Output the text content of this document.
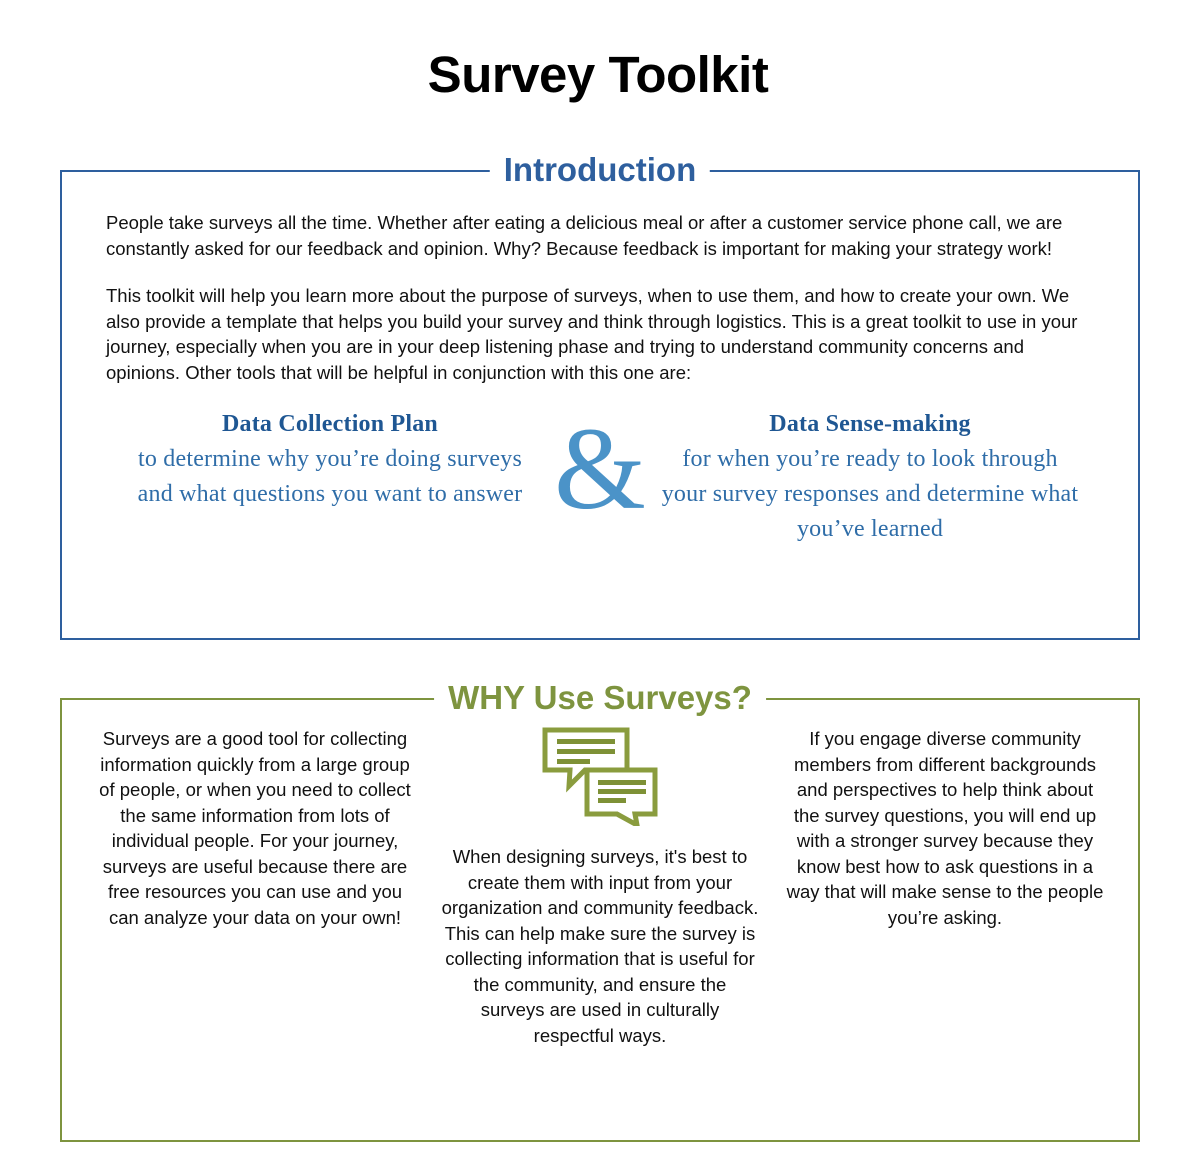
Survey Toolkit
Introduction

People take surveys all the time. Whether after eating a delicious meal or after a customer service phone call, we are constantly asked for our feedback and opinion. Why? Because feedback is important for making your strategy work!

This toolkit will help you learn more about the purpose of surveys, when to use them, and how to create your own. We also provide a template that helps you build your survey and think through logistics. This is a great toolkit to use in your journey, especially when you are in your deep listening phase and trying to understand community concerns and opinions. Other tools that will be helpful in conjunction with this one are:

Data Collection Plan
to determine why you’re doing surveys and what questions you want to answer &	Data Sense-making
for when you’re ready to look through your survey responses and determine what you’ve learned
WHY Use Surveys?

Surveys are a good tool for collecting information quickly from a large group of people, or when you need to collect the same information from lots of individual people. For your journey, surveys are useful because there are free resources you can use and you can analyze your data on your own!

When designing surveys, it's best to create them with input from your organization and community feedback. This can help make sure the survey is collecting information that is useful for the community, and ensure the surveys are used in culturally respectful ways.

If you engage diverse community members from different backgrounds and perspectives to help think about the survey questions, you will end up with a stronger survey because they know best how to ask questions in a way that will make sense to the people you’re asking.
